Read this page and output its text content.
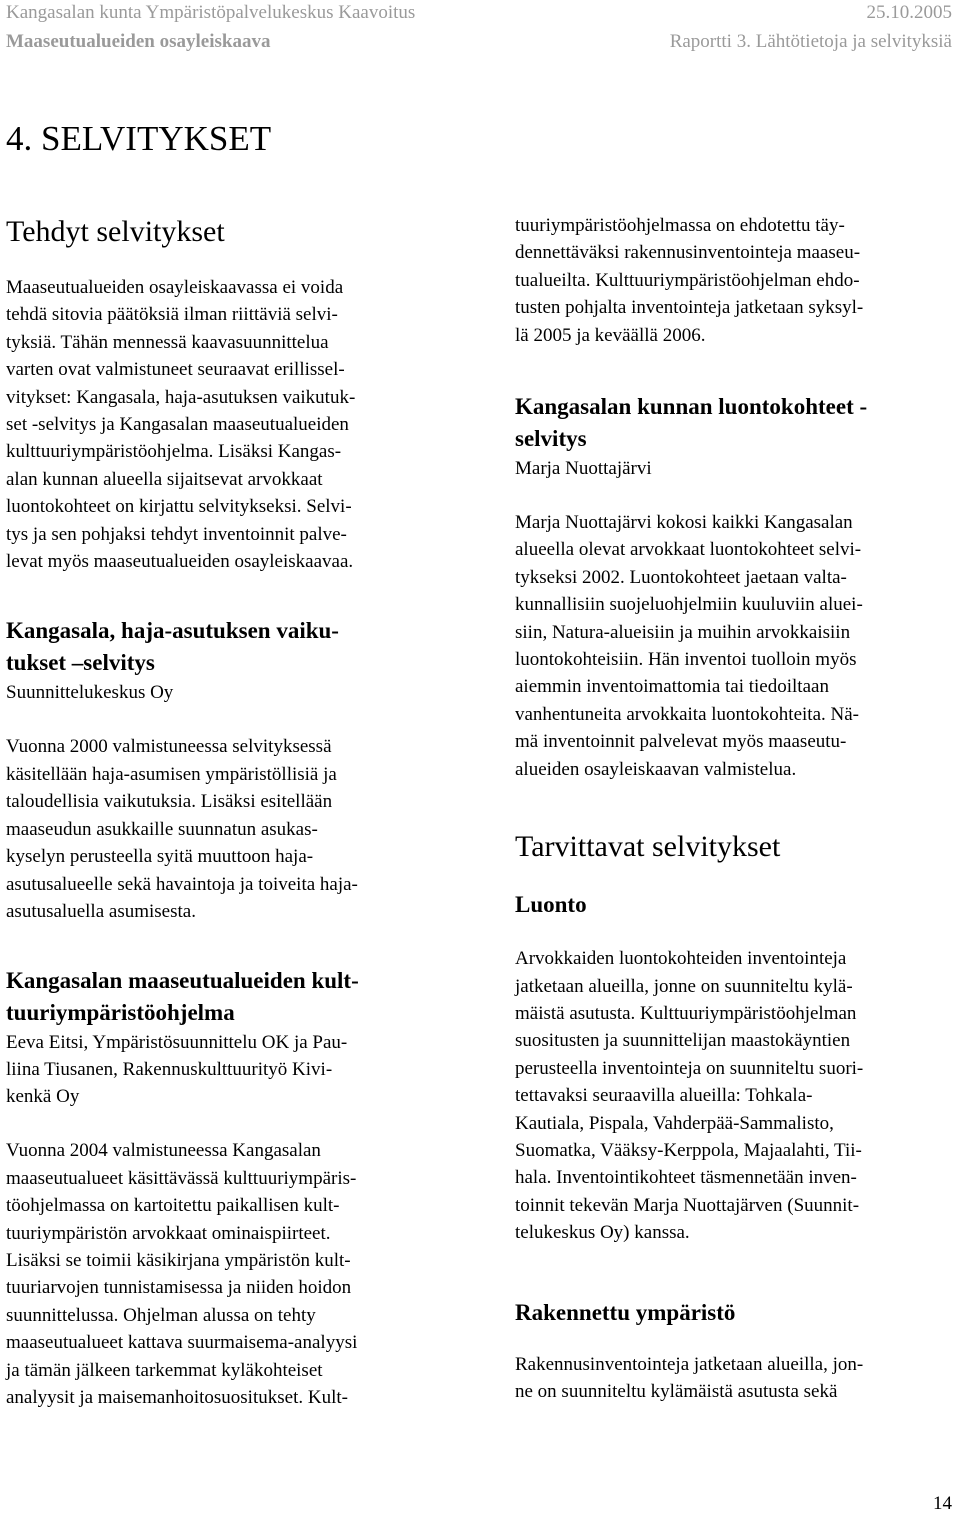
Kangasalan kunta Ympäristöpalvelukeskus Kaavoitus	25.10.2005
Maaseutualueiden osayleiskaava	Raportti 3. Lähtötietoja ja selvityksiä
4. SELVITYKSET
Tehdyt selvitykset
Maaseutualueiden osayleiskaavassa ei voida
tehdä sitovia päätöksiä ilman riittäviä selvi-
tyksiä. Tähän mennessä kaavasuunnittelua
varten ovat valmistuneet seuraavat erillissel-
vitykset: Kangasala, haja-asutuksen vaikutuk-
set -selvitys ja Kangasalan maaseutualueiden
kulttuuriympäristöohjelma. Lisäksi Kangas-
alan kunnan alueella sijaitsevat arvokkaat
luontokohteet on kirjattu selvitykseksi. Selvi-
tys ja sen pohjaksi tehdyt inventoinnit palve-
levat myös maaseutualueiden osayleiskaavaa.
Kangasala, haja-asutuksen vaiku-
tukset –selvitys
Suunnittelukeskus Oy
Vuonna 2000 valmistuneessa selvityksessä
käsitellään haja-asumisen ympäristöllisiä ja
taloudellisia vaikutuksia. Lisäksi esitellään
maaseudun asukkaille suunnatun asukas-
kyselyn perusteella syitä muuttoon haja-
asutusalueelle sekä havaintoja ja toiveita haja-
asutusaluella asumisesta.
Kangasalan maaseutualueiden kult-
tuuriympäristöohjelma
Eeva Eitsi, Ympäristösuunnittelu OK ja Pau-
liina Tiusanen, Rakennuskulttuurityö Kivi-
kenkä Oy
Vuonna 2004 valmistuneessa Kangasalan
maaseutualueet käsittävässä kulttuuriympäris-
töohjelmassa on kartoitettu paikallisen kult-
tuuriympäristön arvokkaat ominaispiirteet.
Lisäksi se toimii käsikirjana ympäristön kult-
tuuriarvojen tunnistamisessa ja niiden hoidon
suunnittelussa. Ohjelman alussa on tehty
maaseutualueet kattava suurmaisema-analyysi
ja tämän jälkeen tarkemmat kyläkohteiset
analyysit ja maisemanhoitosuositukset. Kult-
tuuriympäristöohjelmassa on ehdotettu täy-
dennettäväksi rakennusinventointeja maaseu-
tualueilta. Kulttuuriympäristöohjelman ehdo-
tusten pohjalta inventointeja jatketaan syksyl-
lä 2005 ja keväällä 2006.
Kangasalan kunnan luontokohteet -
selvitys
Marja Nuottajärvi
Marja Nuottajärvi kokosi kaikki Kangasalan
alueella olevat arvokkaat luontokohteet selvi-
tykseksi 2002. Luontokohteet jaetaan valta-
kunnallisiin suojeluohjelmiin kuuluviin aluei-
siin, Natura-alueisiin ja muihin arvokkaisiin
luontokohteisiin. Hän inventoi tuolloin myös
aiemmin inventoimattomia tai tiedoiltaan
vanhentuneita arvokkaita luontokohteita. Nä-
mä inventoinnit palvelevat myös maaseutu-
alueiden osayleiskaavan valmistelua.
Tarvittavat selvitykset
Luonto
Arvokkaiden luontokohteiden inventointeja
jatketaan alueilla, jonne on suunniteltu kylä-
mäistä asutusta. Kulttuuriympäristöohjelman
suositusten ja suunnittelijan maastokäyntien
perusteella inventointeja on suunniteltu suori-
tettavaksi seuraavilla alueilla: Tohkala-
Kautiala, Pispala, Vahderpää-Sammalisto,
Suomatka, Vääksy-Kerppola, Majaalahti, Tii-
hala. Inventointikohteet täsmennetään inven-
toinnit tekevän Marja Nuottajärven (Suunnit-
telukeskus Oy) kanssa.
Rakennettu ympäristö
Rakennusinventointeja jatketaan alueilla, jon-
ne on suunniteltu kylämäistä asutusta sekä
14
